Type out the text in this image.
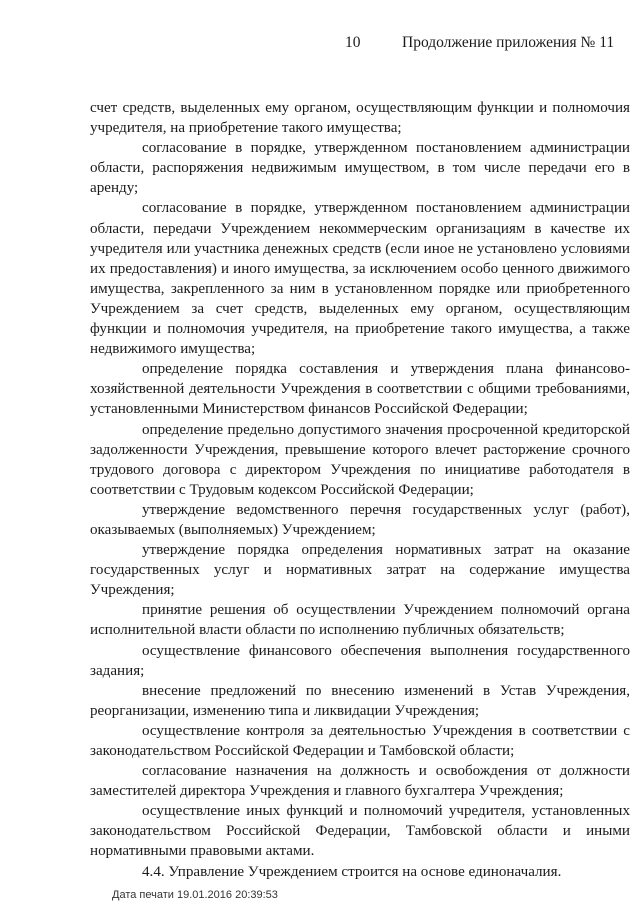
10	Продолжение приложения № 11

счет средств, выделенных ему органом, осуществляющим функции и полномочия учредителя, на приобретение такого имущества;

согласование в порядке, утвержденном постановлением администрации области, распоряжения недвижимым имуществом, в том числе передачи его в аренду;

согласование в порядке, утвержденном постановлением администрации области, передачи Учреждением некоммерческим организациям в качестве их учредителя или участника денежных средств (если иное не установлено условиями их предоставления) и иного имущества, за исключением особо ценного движимого имущества, закрепленного за ним в установленном порядке или приобретенного Учреждением за счет средств, выделенных ему органом, осуществляющим функции и полномочия учредителя, на приобретение такого имущества, а также недвижимого имущества;

определение порядка составления и утверждения плана финансово-хозяйственной деятельности Учреждения в соответствии с общими требованиями, установленными Министерством финансов Российской Федерации;

определение предельно допустимого значения просроченной кредиторской задолженности Учреждения, превышение которого влечет расторжение срочного трудового договора с директором Учреждения по инициативе работодателя в соответствии с Трудовым кодексом Российской Федерации;

утверждение ведомственного перечня государственных услуг (работ), оказываемых (выполняемых) Учреждением;

утверждение порядка определения нормативных затрат на оказание государственных услуг и нормативных затрат на содержание имущества Учреждения;

принятие решения об осуществлении Учреждением полномочий органа исполнительной власти области по исполнению публичных обязательств;

осуществление финансового обеспечения выполнения государственного задания;

внесение предложений по внесению изменений в Устав Учреждения, реорганизации, изменению типа и ликвидации Учреждения;

осуществление контроля за деятельностью Учреждения в соответствии с законодательством Российской Федерации и Тамбовской области;

согласование назначения на должность и освобождения от должности заместителей директора Учреждения и главного бухгалтера Учреждения;

осуществление иных функций и полномочий учредителя, установленных законодательством Российской Федерации, Тамбовской области и иными нормативными правовыми актами.

4.4. Управление Учреждением строится на основе единоначалия.

Дата печати 19.01.2016 20:39:53
